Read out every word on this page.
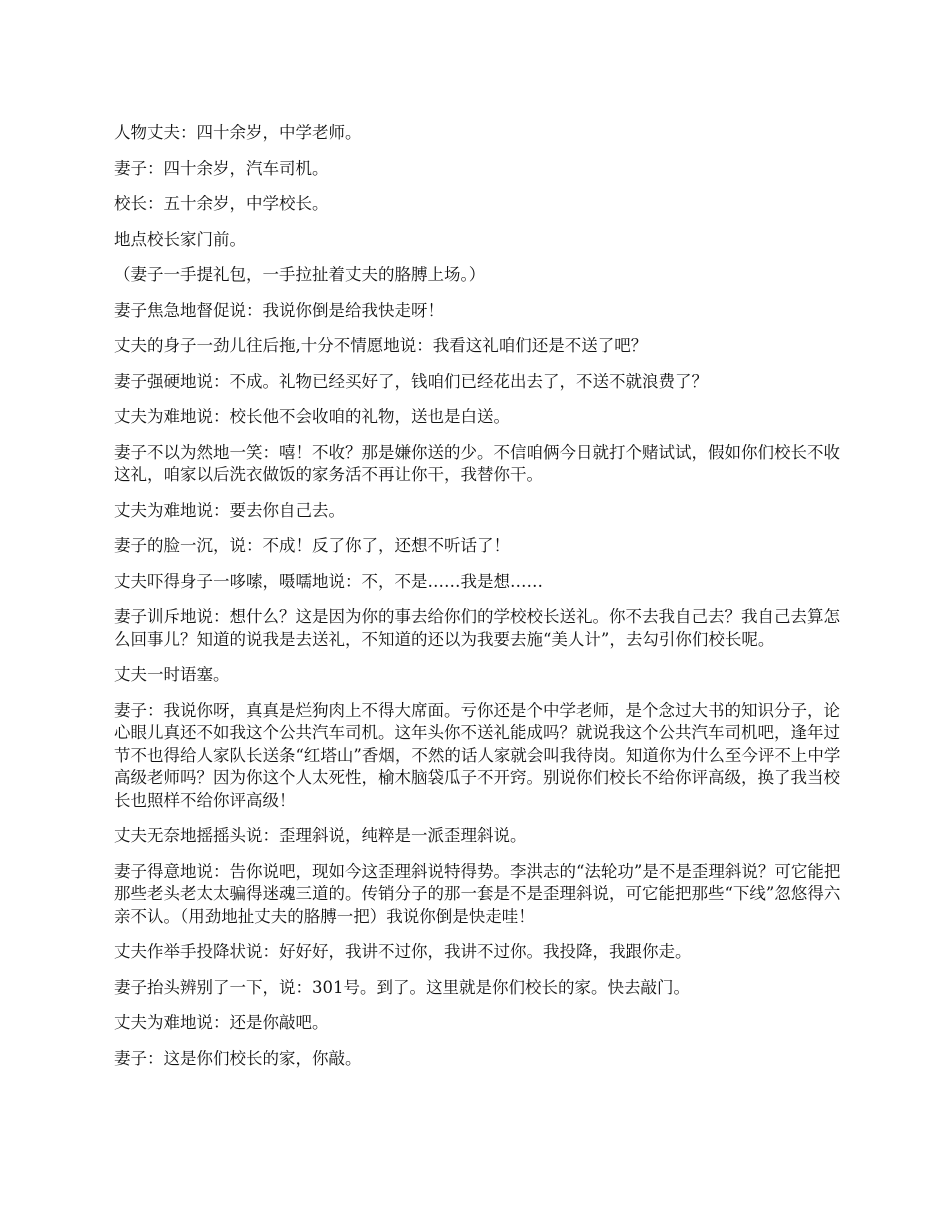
人物丈夫：四十余岁，中学老师。

妻子：四十余岁，汽车司机。

校长：五十余岁，中学校长。

地点校长家门前。

（妻子一手提礼包，一手拉扯着丈夫的胳膊上场。）

妻子焦急地督促说：我说你倒是给我快走呀！

丈夫的身子一劲儿往后拖,十分不情愿地说：我看这礼咱们还是不送了吧？

妻子强硬地说：不成。礼物已经买好了，钱咱们已经花出去了，不送不就浪费了？

丈夫为难地说：校长他不会收咱的礼物，送也是白送。

妻子不以为然地一笑：嘻！不收？那是嫌你送的少。不信咱俩今日就打个赌试试，假如你们校长不收这礼，咱家以后洗衣做饭的家务活不再让你干，我替你干。

丈夫为难地说：要去你自己去。

妻子的脸一沉，说：不成！反了你了，还想不听话了！

丈夫吓得身子一哆嗦，嗫嚅地说：不，不是……我是想……

妻子训斥地说：想什么？这是因为你的事去给你们的学校校长送礼。你不去我自己去？我自己去算怎么回事儿？知道的说我是去送礼，不知道的还以为我要去施“美人计”，去勾引你们校长呢。

丈夫一时语塞。

妻子：我说你呀，真真是烂狗肉上不得大席面。亏你还是个中学老师，是个念过大书的知识分子，论心眼儿真还不如我这个公共汽车司机。这年头你不送礼能成吗？就说我这个公共汽车司机吧，逢年过节不也得给人家队长送条“红塔山”香烟，不然的话人家就会叫我待岗。知道你为什么至今评不上中学高级老师吗？因为你这个人太死性，榆木脑袋瓜子不开窍。别说你们校长不给你评高级，换了我当校长也照样不给你评高级！

丈夫无奈地摇摇头说：歪理斜说，纯粹是一派歪理斜说。

妻子得意地说：告你说吧，现如今这歪理斜说特得势。李洪志的“法轮功”是不是歪理斜说？可它能把那些老头老太太骗得迷魂三道的。传销分子的那一套是不是歪理斜说，可它能把那些“下线”忽悠得六亲不认。（用劲地扯丈夫的胳膊一把）我说你倒是快走哇！

丈夫作举手投降状说：好好好，我讲不过你，我讲不过你。我投降，我跟你走。

妻子抬头辨别了一下，说：301号。到了。这里就是你们校长的家。快去敲门。

丈夫为难地说：还是你敲吧。

妻子：这是你们校长的家，你敲。
